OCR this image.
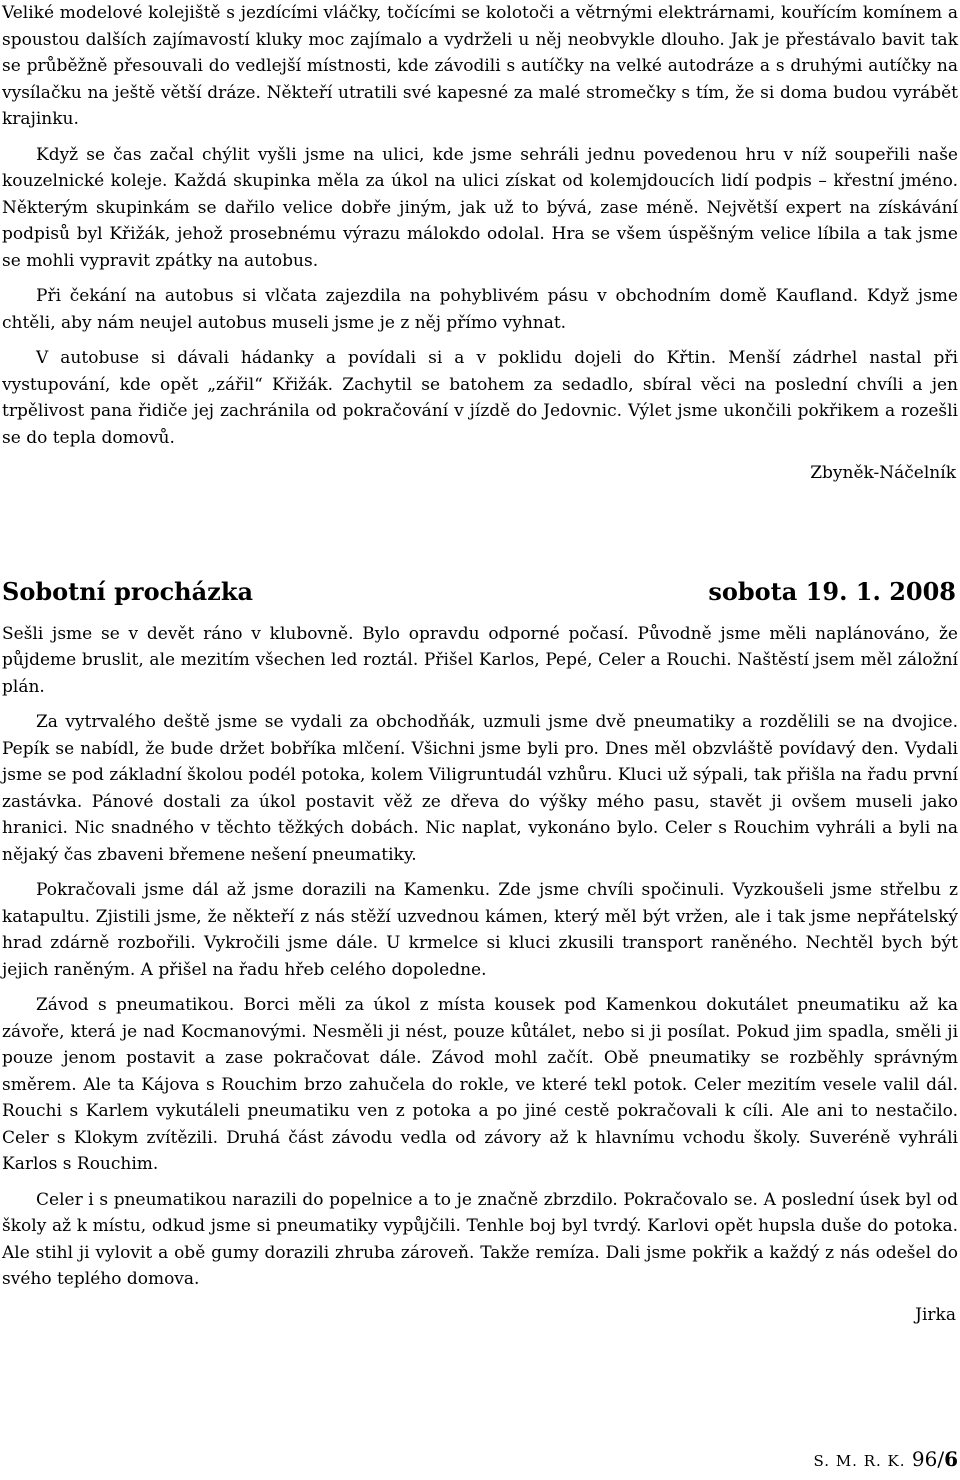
Veliké modelové kolejiště s jezdícími vláčky, točícími se kolotoči a větrnými elektrárnami, kouřícím komínem a spoustou dalších zajímavostí kluky moc zajímalo a vydrželi u něj neobvykle dlouho. Jak je přestávalo bavit tak se průběžně přesouvali do vedlejší místnosti, kde závodili s autíčky na velké autodráze a s druhými autíčky na vysílačku na ještě větší dráze. Někteří utratili své kapesné za malé stromečky s tím, že si doma budou vyrábět krajinku.

Když se čas začal chýlit vyšli jsme na ulici, kde jsme sehráli jednu povedenou hru v níž soupeřili naše kouzelnické koleje. Každá skupinka měla za úkol na ulici získat od kolemjdoucích lidí podpis – křestní jméno. Některým skupinkám se dařilo velice dobře jiným, jak už to bývá, zase méně. Největší expert na získávání podpisů byl Křižák, jehož prosebnému výrazu málokdo odolal. Hra se všem úspěšným velice líbila a tak jsme se mohli vypravit zpátky na autobus.

Při čekání na autobus si vlčata zajezdila na pohyblivém pásu v obchodním domě Kaufland. Když jsme chtěli, aby nám neujel autobus museli jsme je z něj přímo vyhnat.

V autobuse si dávali hádanky a povídali si a v poklidu dojeli do Křtin. Menší zádrhel nastal při vystupování, kde opět „zářil“ Křižák. Zachytil se batohem za sedadlo, sbíral věci na poslední chvíli a jen trpělivost pana řidiče jej zachránila od pokračování v jízdě do Jedovnic. Výlet jsme ukončili pokřikem a rozešli se do tepla domovů.

Zbyněk-Náčelník
Sobotní procházka	sobota 19. 1. 2008

Sešli jsme se v devět ráno v klubovně. Bylo opravdu odporné počasí. Původně jsme měli naplánováno, že půjdeme bruslit, ale mezitím všechen led roztál. Přišel Karlos, Pepé, Celer a Rouchi. Naštěstí jsem měl záložní plán.

Za vytrvalého deště jsme se vydali za obchodňák, uzmuli jsme dvě pneumatiky a rozdělili se na dvojice. Pepík se nabídl, že bude držet bobříka mlčení. Všichni jsme byli pro. Dnes měl obzvláště povídavý den. Vydali jsme se pod základní školou podél potoka, kolem Viligruntudál vzhůru. Kluci už sýpali, tak přišla na řadu první zastávka. Pánové dostali za úkol postavit věž ze dřeva do výšky mého pasu, stavět ji ovšem museli jako hranici. Nic snadného v těchto těžkých dobách. Nic naplat, vykonáno bylo. Celer s Rouchim vyhráli a byli na nějaký čas zbaveni břemene nešení pneumatiky.

Pokračovali jsme dál až jsme dorazili na Kamenku. Zde jsme chvíli spočinuli. Vyzkoušeli jsme střelbu z katapultu. Zjistili jsme, že někteří z nás stěží uzvednou kámen, který měl být vržen, ale i tak jsme nepřátelský hrad zdárně rozbořili. Vykročili jsme dále. U krmelce si kluci zkusili transport raněného. Nechtěl bych být jejich raněným. A přišel na řadu hřeb celého dopoledne.

Závod s pneumatikou. Borci měli za úkol z místa kousek pod Kamenkou dokutálet pneumatiku až ka závoře, která je nad Kocmanovými. Nesměli ji nést, pouze kůtálet, nebo si ji posílat. Pokud jim spadla, směli ji pouze jenom postavit a zase pokračovat dále. Závod mohl začít. Obě pneumatiky se rozběhly správným směrem. Ale ta Kájova s Rouchim brzo zahučela do rokle, ve které tekl potok. Celer mezitím vesele valil dál. Rouchi s Karlem vykutáleli pneumatiku ven z potoka a po jiné cestě pokračovali k cíli. Ale ani to nestačilo. Celer s Klokym zvítězili. Druhá část závodu vedla od závory až k hlavnímu vchodu školy. Suveréně vyhráli Karlos s Rouchim.

Celer i s pneumatikou narazili do popelnice a to je značně zbrzdilo. Pokračovalo se. A poslední úsek byl od školy až k místu, odkud jsme si pneumatiky vypůjčili. Tenhle boj byl tvrdý. Karlovi opět hupsla duše do potoka. Ale stihl ji vylovit a obě gumy dorazili zhruba zároveň. Takže remíza. Dali jsme pokřik a každý z nás odešel do svého teplého domova.

Jirka
S. M. R. K. 96/6
